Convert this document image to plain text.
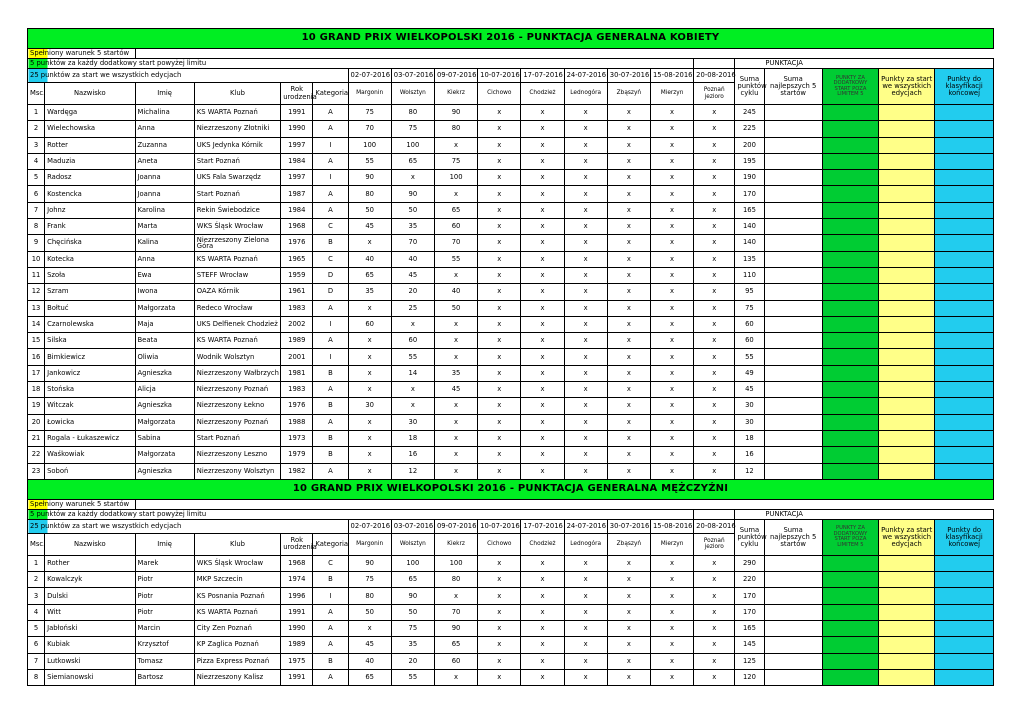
10 GRAND PRIX WIELKOPOLSKI 2016 - PUNKTACJA GENERALNA KOBIETY																			
Spełniony warunek 5 startów																			
5 punktów za każdy dodatkowy start powyżej limitu															PUNKTACJA				
25 punktów za start we wszystkich edycjach						02-07-2016	03-07-2016	09-07-2016	10-07-2016	17-07-2016	24-07-2016	30-07-2016	15-08-2016	20-08-2016	Suma punktów cyklu	Suma najlepszych 5 startów	PUNKTY ZA DODATKOWY START POZA LIMITEM 5	Punkty za start we wszystkich edycjach	Punkty do klasyfikacji końcowej
Msc.	Nazwisko	Imię	Klub	Rok urodzenia	Kategoria	Margonin	Wolsztyn	Kiekrz	Cichowo	Chodzież	Lednogóra	Zbąszyń	Mierzyn	Poznań jezioro					
1	Wardęga	Michalina	KS WARTA Poznań	1991	A	75	80	90	x	x	x	x	x	x	245				
2	Wielechowska	Anna	Niezrzeszony Złotniki	1990	A	70	75	80	x	x	x	x	x	x	225				
3	Rotter	Zuzanna	UKS Jedynka Kórnik	1997	I	100	100	x	x	x	x	x	x	x	200				
4	Maduzia	Aneta	Start Poznań	1984	A	55	65	75	x	x	x	x	x	x	195				
5	Radosz	Joanna	UKS Fala Swarzędz	1997	I	90	x	100	x	x	x	x	x	x	190				
6	Kostencka	Joanna	Start Poznań	1987	A	80	90	x	x	x	x	x	x	x	170				
7	Johnz	Karolina	Rekin Świebodzice	1984	A	50	50	65	x	x	x	x	x	x	165				
8	Frank	Marta	WKS Śląsk Wrocław	1968	C	45	35	60	x	x	x	x	x	x	140				
9	Chęcińska	Kalina	Niezrzeszony Zielona Góra	1976	B	x	70	70	x	x	x	x	x	x	140				
10	Kotecka	Anna	KS WARTA Poznań	1965	C	40	40	55	x	x	x	x	x	x	135				
11	Szoła	Ewa	STEFF Wrocław	1959	D	65	45	x	x	x	x	x	x	x	110				
12	Szram	Iwona	OAZA Kórnik	1961	D	35	20	40	x	x	x	x	x	x	95				
13	Bołtuć	Małgorzata	Redeco Wrocław	1983	A	x	25	50	x	x	x	x	x	x	75				
14	Czarnolewska	Maja	UKS Delfienek Chodzież	2002	I	60	x	x	x	x	x	x	x	x	60				
15	Silska	Beata	KS WARTA Poznań	1989	A	x	60	x	x	x	x	x	x	x	60				
16	Bimkiewicz	Oliwia	Wodnik Wolsztyn	2001	I	x	55	x	x	x	x	x	x	x	55				
17	Jankowicz	Agnieszka	Niezrzeszony Wałbrzych	1981	B	x	14	35	x	x	x	x	x	x	49				
18	Stońska	Alicja	Niezrzeszony Poznań	1983	A	x	x	45	x	x	x	x	x	x	45				
19	Witczak	Agnieszka	Niezrzeszony Łekno	1976	B	30	x	x	x	x	x	x	x	x	30				
20	Łowicka	Małgorzata	Niezrzeszony Poznań	1988	A	x	30	x	x	x	x	x	x	x	30				
21	Rogala - Łukaszewicz	Sabina	Start Poznań	1973	B	x	18	x	x	x	x	x	x	x	18				
22	Waśkowiak	Małgorzata	Niezrzeszony Leszno	1979	B	x	16	x	x	x	x	x	x	x	16				
23	Soboń	Agnieszka	Niezrzeszony Wolsztyn	1982	A	x	12	x	x	x	x	x	x	x	12				
10 GRAND PRIX WIELKOPOLSKI 2016 - PUNKTACJA GENERALNA MĘŻCZYŹNI																			
Spełniony warunek 5 startów																			
5 punktów za każdy dodatkowy start powyżej limitu															PUNKTACJA				
25 punktów za start we wszystkich edycjach						02-07-2016	03-07-2016	09-07-2016	10-07-2016	17-07-2016	24-07-2016	30-07-2016	15-08-2016	20-08-2016	Suma punktów cyklu	Suma najlepszych 5 startów	PUNKTY ZA DODATKOWY START POZA LIMITEM 5	Punkty za start we wszystkich edycjach	Punkty do klasyfikacji końcowej
Msc.	Nazwisko	Imię	Klub	Rok urodzenia	Kategoria	Margonin	Wolsztyn	Kiekrz	Cichowo	Chodzież	Lednogóra	Zbąszyń	Mierzyn	Poznań jezioro					
1	Rother	Marek	WKS Śląsk Wrocław	1968	C	90	100	100	x	x	x	x	x	x	290				
2	Kowalczyk	Piotr	MKP Szczecin	1974	B	75	65	80	x	x	x	x	x	x	220				
3	Dulski	Piotr	KS Posnania Poznań	1996	I	80	90	x	x	x	x	x	x	x	170				
4	Witt	Piotr	KS WARTA Poznań	1991	A	50	50	70	x	x	x	x	x	x	170				
5	Jabłoński	Marcin	City Zen Poznań	1990	A	x	75	90	x	x	x	x	x	x	165				
6	Kubiak	Krzysztof	KP Zaglica Poznań	1989	A	45	35	65	x	x	x	x	x	x	145				
7	Lutkowski	Tomasz	Pizza Express Poznań	1975	B	40	20	60	x	x	x	x	x	x	125				
8	Siemianowski	Bartosz	Niezrzeszony Kalisz	1991	A	65	55	x	x	x	x	x	x	x	120				
